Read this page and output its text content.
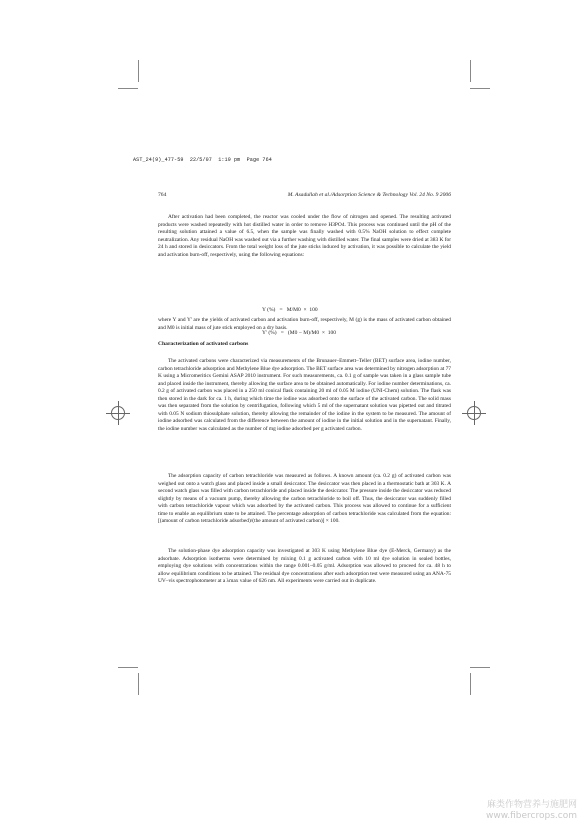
AST_24(9)_477-59  22/5/07  1:19 pm  Page 764
764	M. Asadullah et al./Adsorption Science & Technology Vol. 24 No. 9 2006

After activation had been completed, the reactor was cooled under the flow of nitrogen and opened. The resulting activated products were washed repeatedly with hot distilled water in order to remove H3PO4. This process was continued until the pH of the resulting solution attained a value of 6.5, when the sample was finally washed with 0.5% NaOH solution to effect complete neutralization. Any residual NaOH was washed out via a further washing with distilled water. The final samples were dried at 383 K for 24 h and stored in desiccators. From the total weight loss of the jute sticks induced by activation, it was possible to calculate the yield and activation burn-off, respectively, using the following equations:

Y (%)   =   M/M0  ×  100

Y' (%)   =   (M0 − M)/M0  ×  100

where Y and Y' are the yields of activated carbon and activation burn-off, respectively, M (g) is the mass of activated carbon obtained and M0 is initial mass of jute stick employed on a dry basis.

Characterization of activated carbons

The activated carbons were characterized via measurements of the Brunauer–Emmett–Teller (BET) surface area, iodine number, carbon tetrachloride adsorption and Methylene Blue dye adsorption. The BET surface area was determined by nitrogen adsorption at 77 K using a Micromeritics Gemini ASAP 2010 instrument. For such measurements, ca. 0.1 g of sample was taken in a glass sample tube and placed inside the instrument, thereby allowing the surface area to be obtained automatically. For iodine number determinations, ca. 0.2 g of activated carbon was placed in a 250 ml conical flask containing 20 ml of 0.05 M iodine (UNI-Chem) solution. The flask was then stored in the dark for ca. 1 h, during which time the iodine was adsorbed onto the surface of the activated carbon. The solid mass was then separated from the solution by centrifugation, following which 5 ml of the supernatant solution was pipetted out and titrated with 0.05 N sodium thiosulphate solution, thereby allowing the remainder of the iodine in the system to be measured. The amount of iodine adsorbed was calculated from the difference between the amount of iodine in the initial solution and in the supernatant. Finally, the iodine number was calculated as the number of mg iodine adsorbed per g activated carbon.

The adsorption capacity of carbon tetrachloride was measured as follows. A known amount (ca. 0.2 g) of activated carbon was weighed out onto a watch glass and placed inside a small desiccator. The desiccator was then placed in a thermostatic bath at 303 K. A second watch glass was filled with carbon tetrachloride and placed inside the desiccator. The pressure inside the desiccator was reduced slightly by means of a vacuum pump, thereby allowing the carbon tetrachloride to boil off. Thus, the desiccator was suddenly filled with carbon tetrachloride vapour which was adsorbed by the activated carbon. This process was allowed to continue for a sufficient time to enable an equilibrium state to be attained. The percentage adsorption of carbon tetrachloride was calculated from the equation: [(amount of carbon tetrachloride adsorbed)/(the amount of activated carbon)] × 100.

The solution-phase dye adsorption capacity was investigated at 303 K using Methylene Blue dye (E-Merck, Germany) as the adsorbate. Adsorption isotherms were determined by mixing 0.1 g activated carbon with 10 ml dye solution in sealed bottles, employing dye solutions with concentrations within the range 0.001–0.05 g/ml. Adsorption was allowed to proceed for ca. 48 h to allow equilibrium conditions to be attained. The residual dye concentrations after each adsorption test were measured using an ANA-75 UV–vis spectrophotometer at a λmax value of 626 nm. All experiments were carried out in duplicate.

麻类作物营养与施肥网
www.fibercrops.com
